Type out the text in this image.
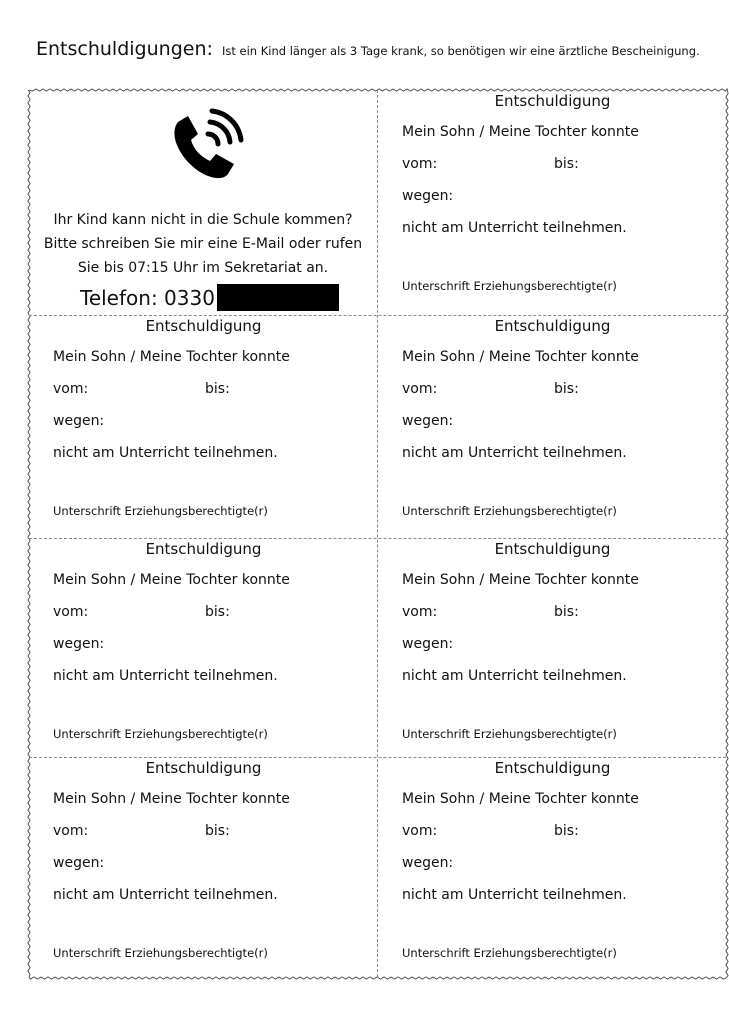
Entschuldigungen: Ist ein Kind länger als 3 Tage krank, so benötigen wir eine ärztliche Bescheinigung.
Ihr Kind kann nicht in die Schule kommen?
Bitte schreiben Sie mir eine E-Mail oder rufen
Sie bis 07:15 Uhr im Sekretariat an.
Telefon: 0330
Entschuldigung
Mein Sohn / Meine Tochter konnte
vom:	bis:
wegen:
nicht am Unterricht teilnehmen.
Unterschrift Erziehungsberechtigte(r)
Entschuldigung
Mein Sohn / Meine Tochter konnte
vom:	bis:
wegen:
nicht am Unterricht teilnehmen.
Unterschrift Erziehungsberechtigte(r)
Entschuldigung
Mein Sohn / Meine Tochter konnte
vom:	bis:
wegen:
nicht am Unterricht teilnehmen.
Unterschrift Erziehungsberechtigte(r)
Entschuldigung
Mein Sohn / Meine Tochter konnte
vom:	bis:
wegen:
nicht am Unterricht teilnehmen.
Unterschrift Erziehungsberechtigte(r)
Entschuldigung
Mein Sohn / Meine Tochter konnte
vom:	bis:
wegen:
nicht am Unterricht teilnehmen.
Unterschrift Erziehungsberechtigte(r)
Entschuldigung
Mein Sohn / Meine Tochter konnte
vom:	bis:
wegen:
nicht am Unterricht teilnehmen.
Unterschrift Erziehungsberechtigte(r)
Entschuldigung
Mein Sohn / Meine Tochter konnte
vom:	bis:
wegen:
nicht am Unterricht teilnehmen.
Unterschrift Erziehungsberechtigte(r)
